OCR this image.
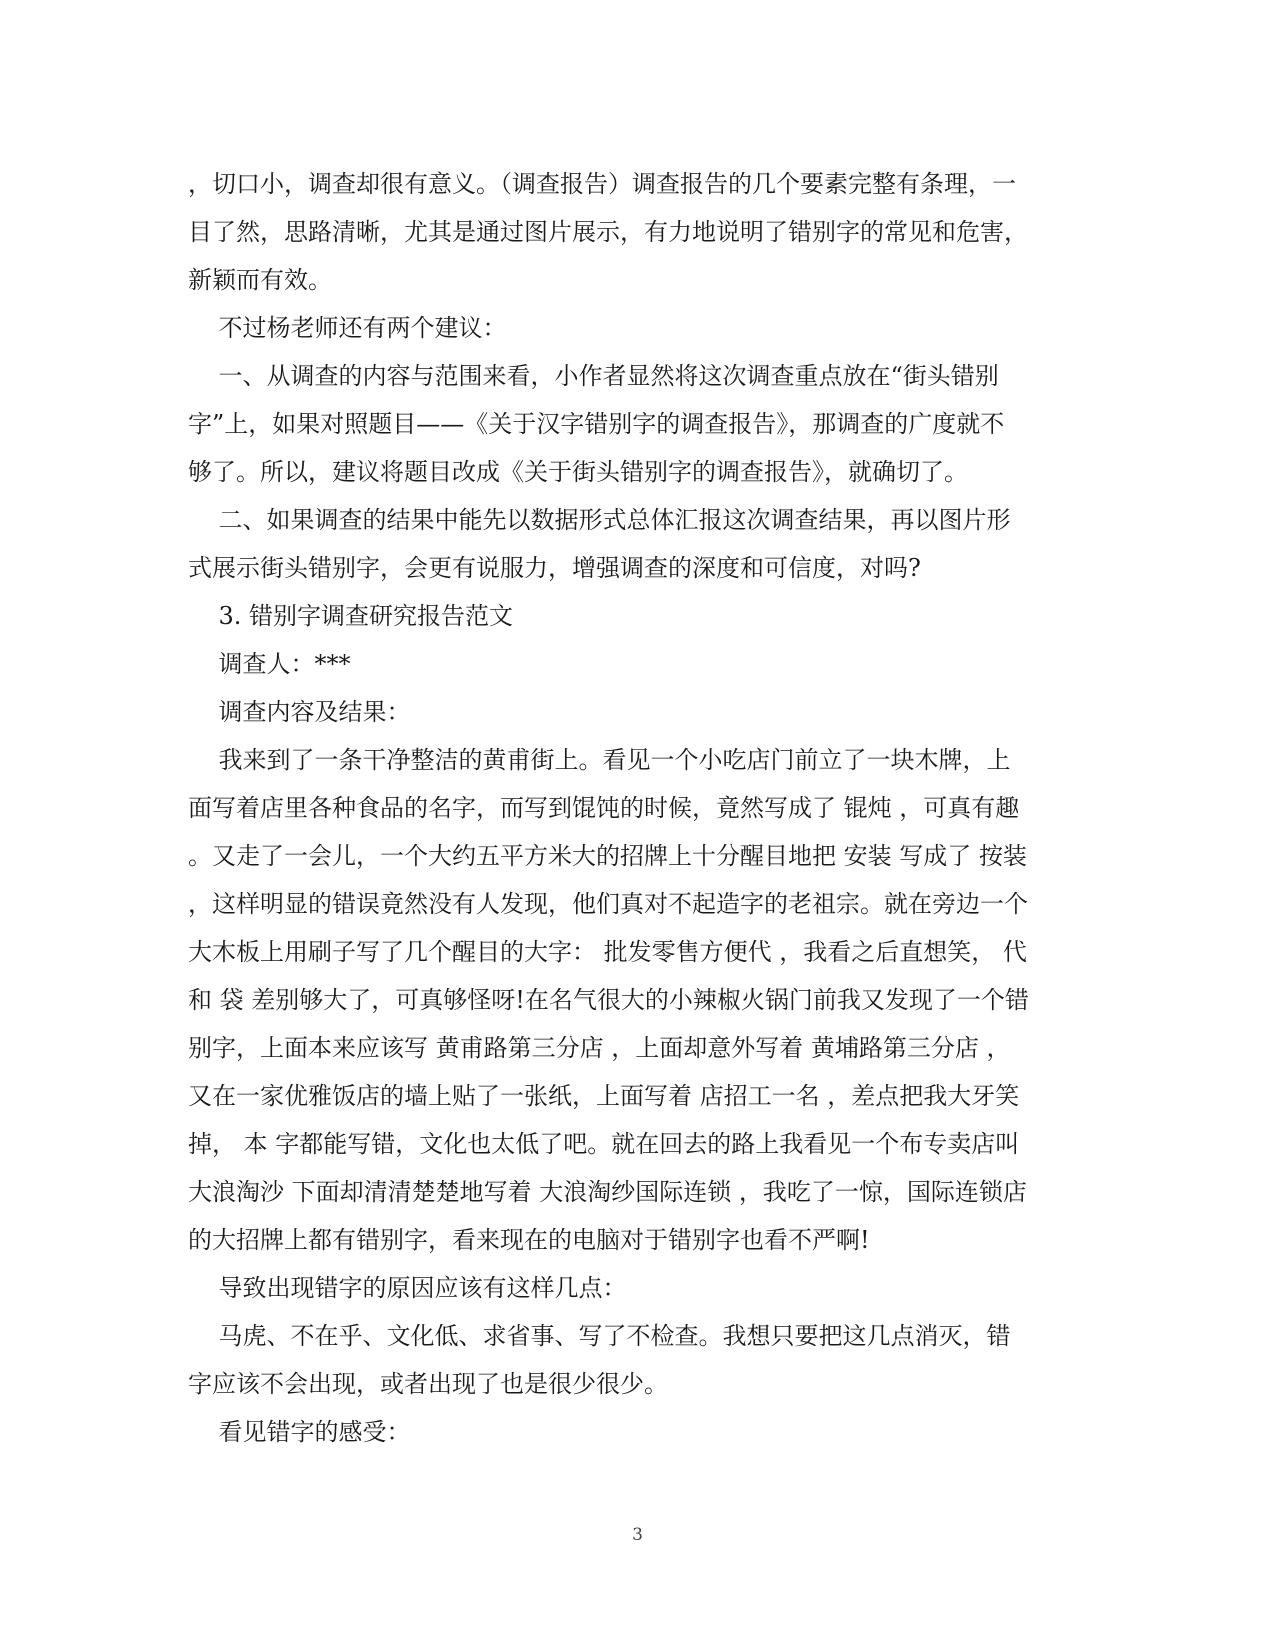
，切口小，调查却很有意义。（调查报告）调查报告的几个要素完整有条理，一
目了然，思路清晰，尤其是通过图片展示，有力地说明了错别字的常见和危害，
新颖而有效。
不过杨老师还有两个建议：
一、从调查的内容与范围来看，小作者显然将这次调查重点放在“街头错别
字”上，如果对照题目——《关于汉字错别字的调查报告》，那调查的广度就不
够了。所以，建议将题目改成《关于街头错别字的调查报告》，就确切了。
二、如果调查的结果中能先以数据形式总体汇报这次调查结果，再以图片形
式展示街头错别字，会更有说服力，增强调查的深度和可信度，对吗?
3. 错别字调查研究报告范文
调查人：***
调查内容及结果：
我来到了一条干净整洁的黄甫街上。看见一个小吃店门前立了一块木牌，上
面写着店里各种食品的名字，而写到馄饨的时候，竟然写成了 锟炖 ，可真有趣
。又走了一会儿，一个大约五平方米大的招牌上十分醒目地把 安装 写成了 按装
，这样明显的错误竟然没有人发现，他们真对不起造字的老祖宗。就在旁边一个
大木板上用刷子写了几个醒目的大字： 批发零售方便代 ，我看之后直想笑， 代
和 袋 差别够大了，可真够怪呀!在名气很大的小辣椒火锅门前我又发现了一个错
别字，上面本来应该写 黄甫路第三分店 ，上面却意外写着 黄埔路第三分店 ，
又在一家优雅饭店的墙上贴了一张纸，上面写着 店招工一名 ，差点把我大牙笑
掉， 本 字都能写错，文化也太低了吧。就在回去的路上我看见一个布专卖店叫
大浪淘沙 下面却清清楚楚地写着 大浪淘纱国际连锁 ，我吃了一惊，国际连锁店
的大招牌上都有错别字，看来现在的电脑对于错别字也看不严啊!
导致出现错字的原因应该有这样几点：
马虎、不在乎、文化低、求省事、写了不检查。我想只要把这几点消灭，错
字应该不会出现，或者出现了也是很少很少。
看见错字的感受：
3
